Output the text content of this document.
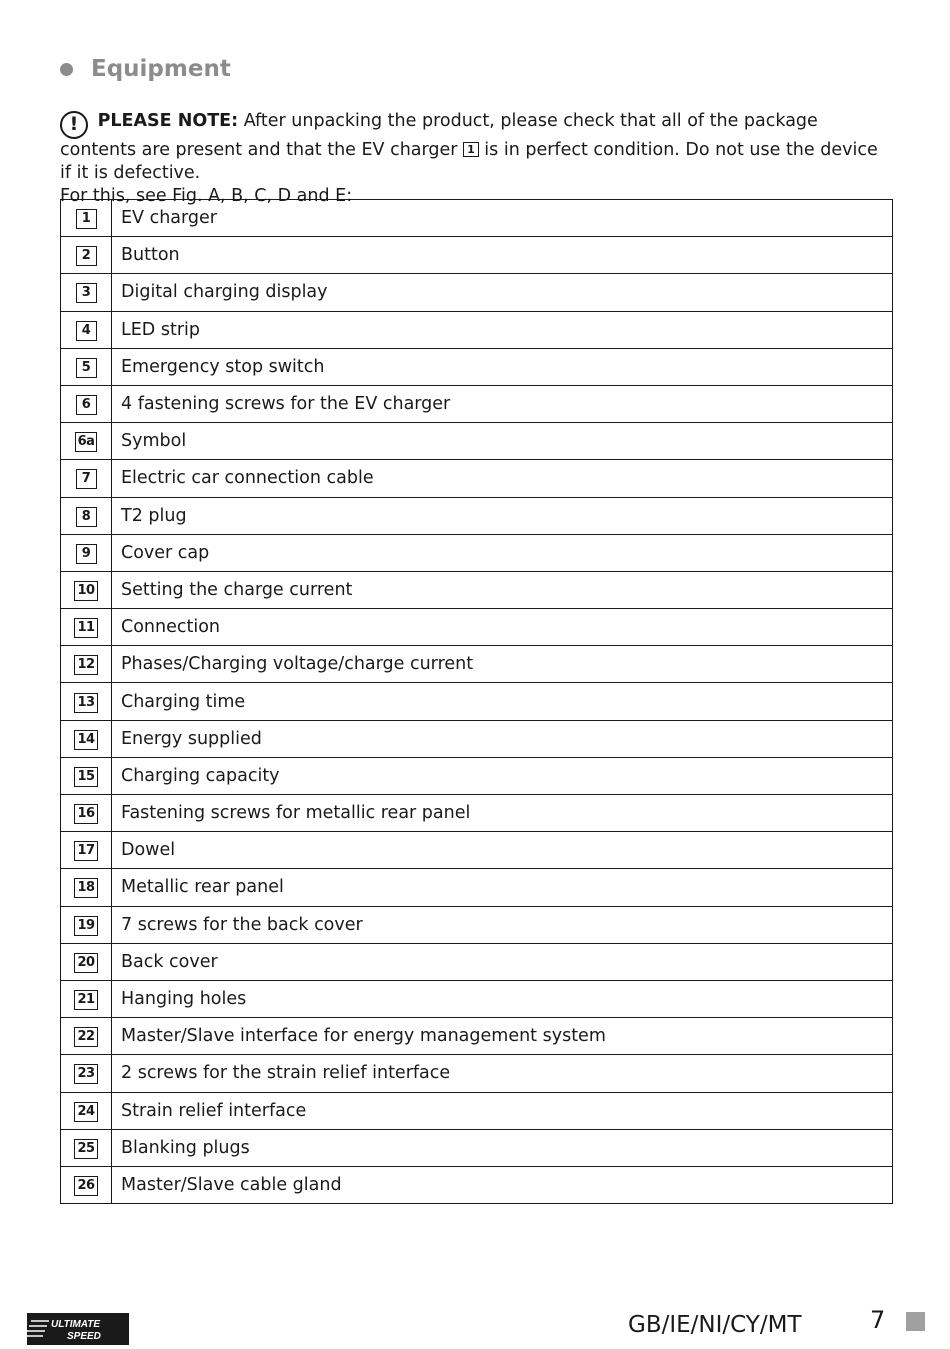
Equipment
! PLEASE NOTE: After unpacking the product, please check that all of the package contents are present and that the EV charger 1 is in perfect condition. Do not use the device if it is defective.
For this, see Fig. A, B, C, D and E:
1	EV charger
2	Button
3	Digital charging display
4	LED strip
5	Emergency stop switch
6	4 fastening screws for the EV charger
6a	Symbol
7	Electric car connection cable
8	T2 plug
9	Cover cap
10	Setting the charge current
11	Connection
12	Phases/Charging voltage/charge current
13	Charging time
14	Energy supplied
15	Charging capacity
16	Fastening screws for metallic rear panel
17	Dowel
18	Metallic rear panel
19	7 screws for the back cover
20	Back cover
21	Hanging holes
22	Master/Slave interface for energy management system
23	2 screws for the strain relief interface
24	Strain relief interface
25	Blanking plugs
26	Master/Slave cable gland
ULTIMATE
SPEED	GB/IE/NI/CY/MT	7
